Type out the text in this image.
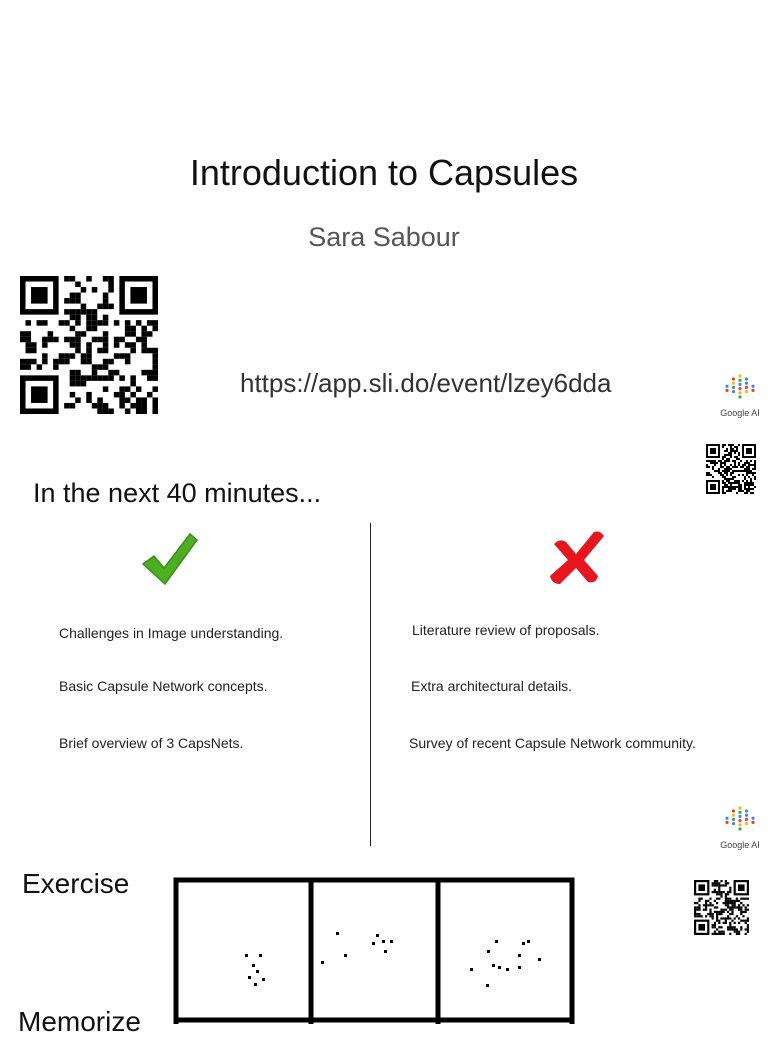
Introduction to Capsules
Sara Sabour
https://app.sli.do/event/lzey6dda
Google AI
In the next 40 minutes...
Challenges in Image understanding.
Basic Capsule Network concepts.
Brief overview of 3 CapsNets.
Literature review of proposals.
Extra architectural details.
Survey of recent Capsule Network community.
Google AI
Exercise
Memorize
